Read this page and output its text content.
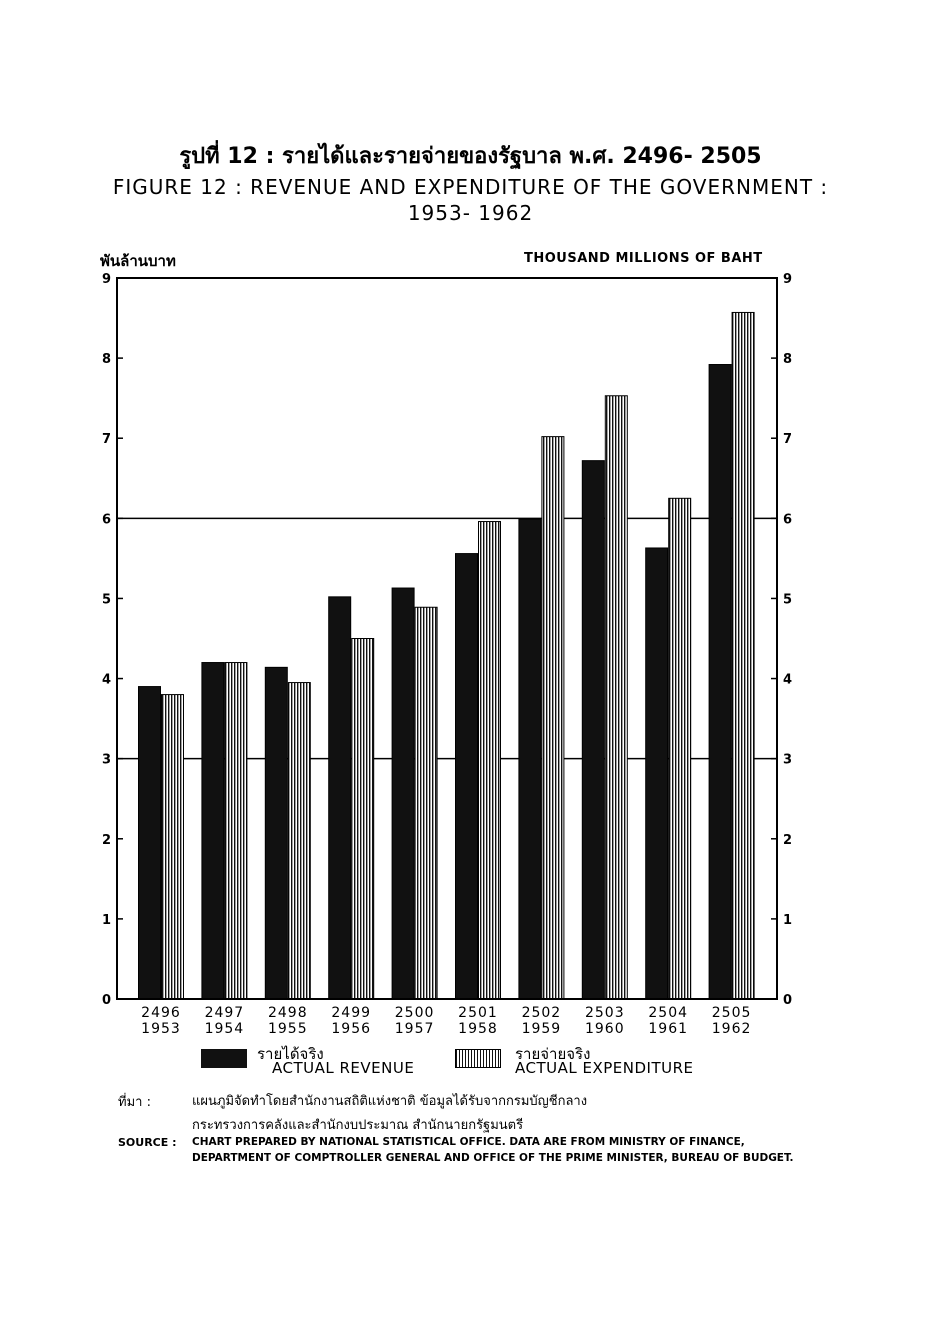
รูปที่ 12 : รายได้และรายจ่ายของรัฐบาล พ.ศ. 2496- 2505
FIGURE 12 : REVENUE AND EXPENDITURE OF THE GOVERNMENT :
1953- 1962
พันล้านบาท	THOUSAND MILLIONS OF BAHT
0	0
1	1
2	2
3	3
4	4
5	5
6	6
7	7
8	8
9	9
2496
1953
2497
1954
2498
1955
2499
1956
2500
1957
2501
1958
2502
1959
2503
1960
2504
1961
2505
1962
รายได้จริง
ACTUAL REVENUE
รายจ่ายจริง
ACTUAL EXPENDITURE
ที่มา :	แผนภูมิจัดทำโดยสำนักงานสถิติแห่งชาติ ข้อมูลได้รับจากกรมบัญชีกลาง
กระทรวงการคลังและสำนักงบประมาณ สำนักนายกรัฐมนตรี
SOURCE : CHART PREPARED BY NATIONAL STATISTICAL OFFICE. DATA ARE FROM MINISTRY OF FINANCE,
DEPARTMENT OF COMPTROLLER GENERAL AND OFFICE OF THE PRIME MINISTER, BUREAU OF BUDGET.
